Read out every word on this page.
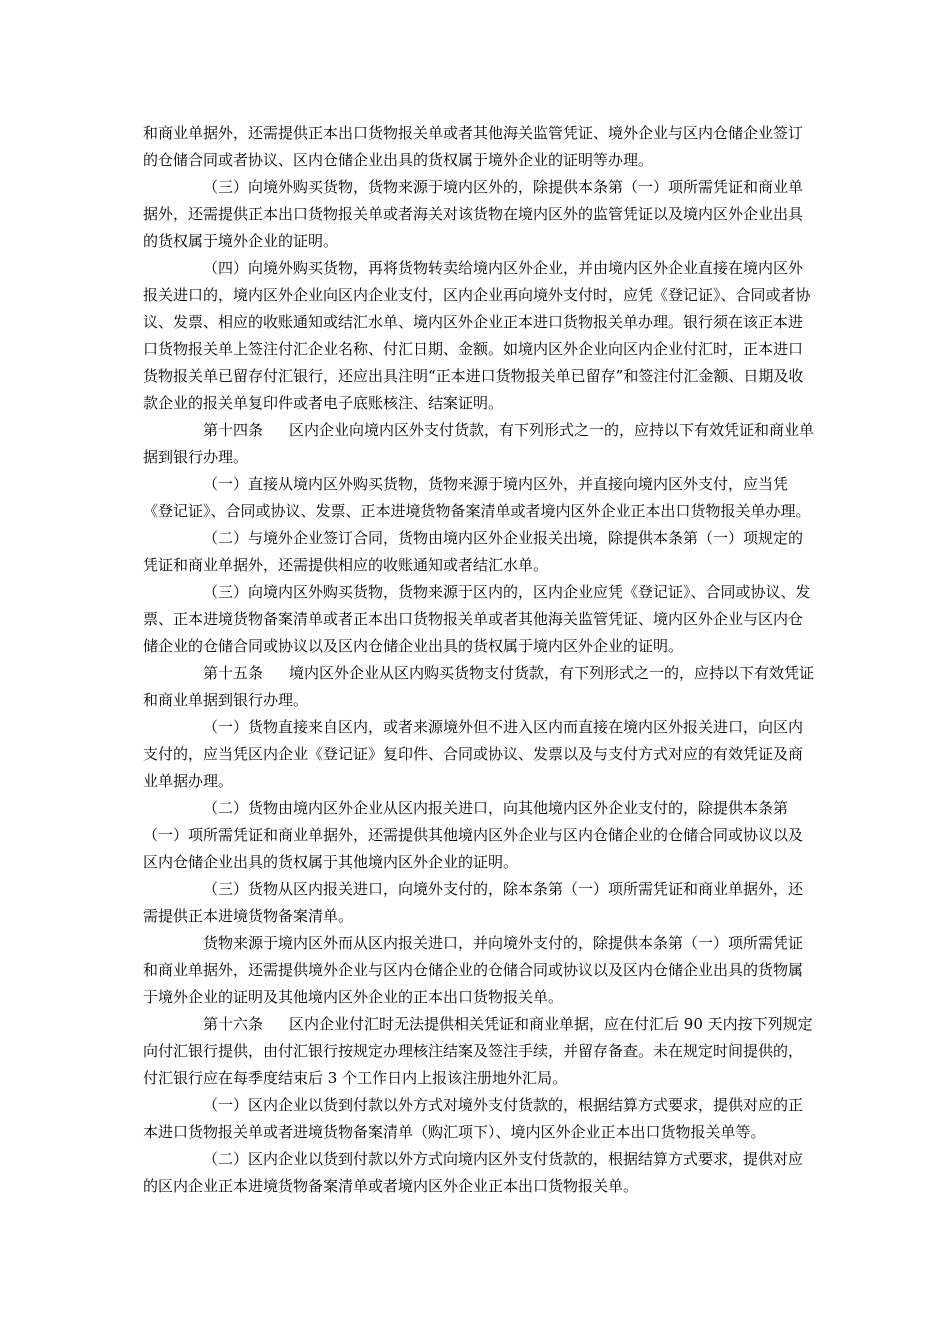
和商业单据外，还需提供正本出口货物报关单或者其他海关监管凭证、境外企业与区内仓储企业签订的仓储合同或者协议、区内仓储企业出具的货权属于境外企业的证明等办理。

（三）向境外购买货物，货物来源于境内区外的，除提供本条第（一）项所需凭证和商业单据外，还需提供正本出口货物报关单或者海关对该货物在境内区外的监管凭证以及境内区外企业出具的货权属于境外企业的证明。

（四）向境外购买货物，再将货物转卖给境内区外企业，并由境内区外企业直接在境内区外报关进口的，境内区外企业向区内企业支付，区内企业再向境外支付时，应凭《登记证》、合同或者协议、发票、相应的收账通知或结汇水单、境内区外企业正本进口货物报关单办理。银行须在该正本进口货物报关单上签注付汇企业名称、付汇日期、金额。如境内区外企业向区内企业付汇时，正本进口货物报关单已留存付汇银行，还应出具注明“正本进口货物报关单已留存”和签注付汇金额、日期及收款企业的报关单复印件或者电子底账核注、结案证明。

第十四条 区内企业向境内区外支付货款，有下列形式之一的，应持以下有效凭证和商业单据到银行办理。

（一）直接从境内区外购买货物，货物来源于境内区外，并直接向境内区外支付，应当凭《登记证》、合同或协议、发票、正本进境货物备案清单或者境内区外企业正本出口货物报关单办理。

（二）与境外企业签订合同，货物由境内区外企业报关出境，除提供本条第（一）项规定的凭证和商业单据外，还需提供相应的收账通知或者结汇水单。

（三）向境内区外购买货物，货物来源于区内的，区内企业应凭《登记证》、合同或协议、发票、正本进境货物备案清单或者正本出口货物报关单或者其他海关监管凭证、境内区外企业与区内仓储企业的仓储合同或协议以及区内仓储企业出具的货权属于境内区外企业的证明。

第十五条 境内区外企业从区内购买货物支付货款，有下列形式之一的，应持以下有效凭证和商业单据到银行办理。

（一）货物直接来自区内，或者来源境外但不进入区内而直接在境内区外报关进口，向区内支付的，应当凭区内企业《登记证》复印件、合同或协议、发票以及与支付方式对应的有效凭证及商业单据办理。

（二）货物由境内区外企业从区内报关进口，向其他境内区外企业支付的，除提供本条第（一）项所需凭证和商业单据外，还需提供其他境内区外企业与区内仓储企业的仓储合同或协议以及区内仓储企业出具的货权属于其他境内区外企业的证明。

（三）货物从区内报关进口，向境外支付的，除本条第（一）项所需凭证和商业单据外，还需提供正本进境货物备案清单。

货物来源于境内区外而从区内报关进口，并向境外支付的，除提供本条第（一）项所需凭证和商业单据外，还需提供境外企业与区内仓储企业的仓储合同或协议以及区内仓储企业出具的货物属于境外企业的证明及其他境内区外企业的正本出口货物报关单。

第十六条 区内企业付汇时无法提供相关凭证和商业单据，应在付汇后 90 天内按下列规定向付汇银行提供，由付汇银行按规定办理核注结案及签注手续，并留存备查。未在规定时间提供的，付汇银行应在每季度结束后 3 个工作日内上报该注册地外汇局。

（一）区内企业以货到付款以外方式对境外支付货款的，根据结算方式要求，提供对应的正本进口货物报关单或者进境货物备案清单（购汇项下）、境内区外企业正本出口货物报关单等。

（二）区内企业以货到付款以外方式向境内区外支付货款的，根据结算方式要求，提供对应的区内企业正本进境货物备案清单或者境内区外企业正本出口货物报关单。
